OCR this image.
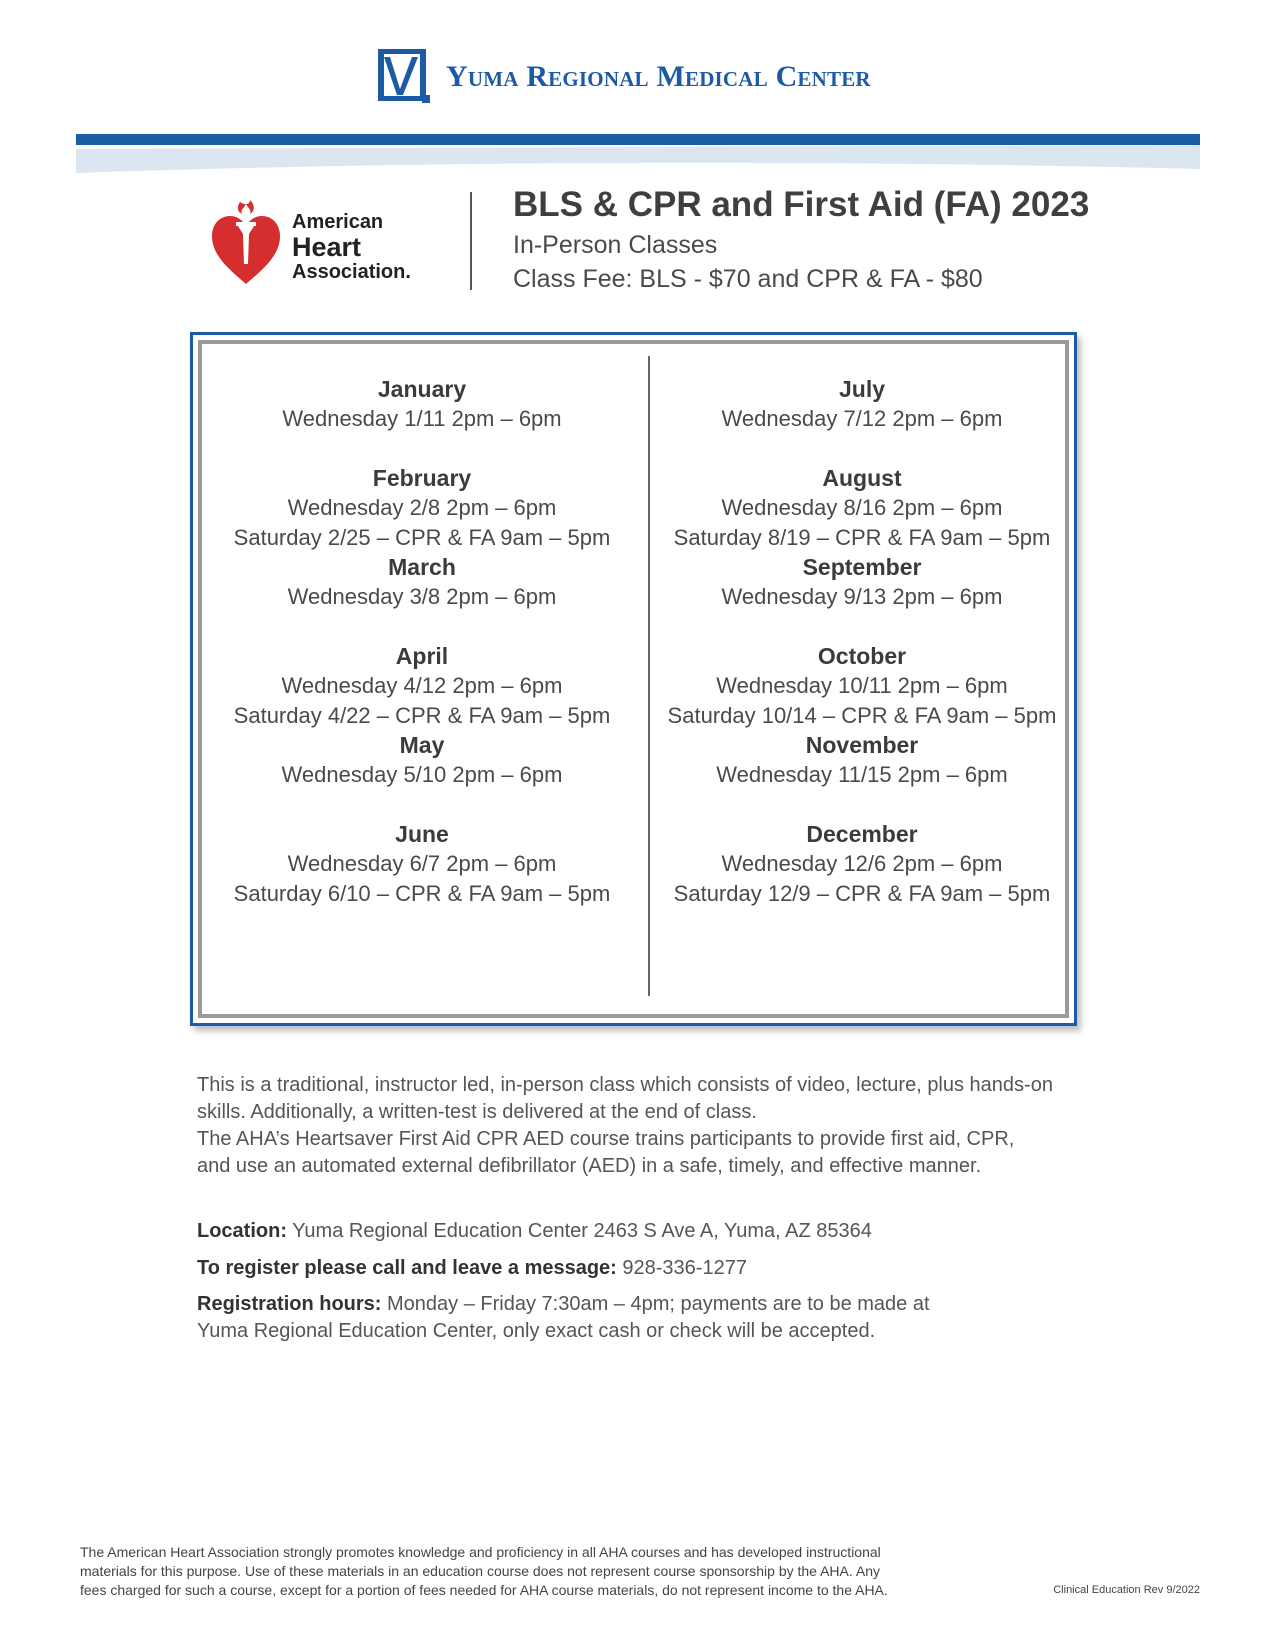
Yuma Regional Medical Center
American
Heart
Association.
BLS & CPR and First Aid (FA) 2023
In-Person Classes
Class Fee: BLS - $70 and CPR & FA - $80
January
Wednesday 1/11 2pm – 6pm
February
Wednesday 2/8 2pm – 6pm
Saturday 2/25 – CPR & FA 9am – 5pm
March
Wednesday 3/8 2pm – 6pm
April
Wednesday 4/12 2pm – 6pm
Saturday 4/22 – CPR & FA 9am – 5pm
May
Wednesday 5/10 2pm – 6pm
June
Wednesday 6/7 2pm – 6pm
Saturday 6/10 – CPR & FA 9am – 5pm
July
Wednesday 7/12 2pm – 6pm
August
Wednesday 8/16 2pm – 6pm
Saturday 8/19 – CPR & FA 9am – 5pm
September
Wednesday 9/13 2pm – 6pm
October
Wednesday 10/11 2pm – 6pm
Saturday 10/14 – CPR & FA 9am – 5pm
November
Wednesday 11/15 2pm – 6pm
December
Wednesday 12/6 2pm – 6pm
Saturday 12/9 – CPR & FA 9am – 5pm
This is a traditional, instructor led, in-person class which consists of video, lecture, plus hands-on
skills. Additionally, a written-test is delivered at the end of class.
The AHA’s Heartsaver First Aid CPR AED course trains participants to provide first aid, CPR,
and use an automated external defibrillator (AED) in a safe, timely, and effective manner.
Location: Yuma Regional Education Center 2463 S Ave A, Yuma, AZ 85364
To register please call and leave a message: 928-336-1277
Registration hours: Monday – Friday 7:30am – 4pm; payments are to be made at
Yuma Regional Education Center, only exact cash or check will be accepted.
The American Heart Association strongly promotes knowledge and proficiency in all AHA courses and has developed instructional
materials for this purpose. Use of these materials in an education course does not represent course sponsorship by the AHA. Any
fees charged for such a course, except for a portion of fees needed for AHA course materials, do not represent income to the AHA.	Clinical Education Rev 9/2022
